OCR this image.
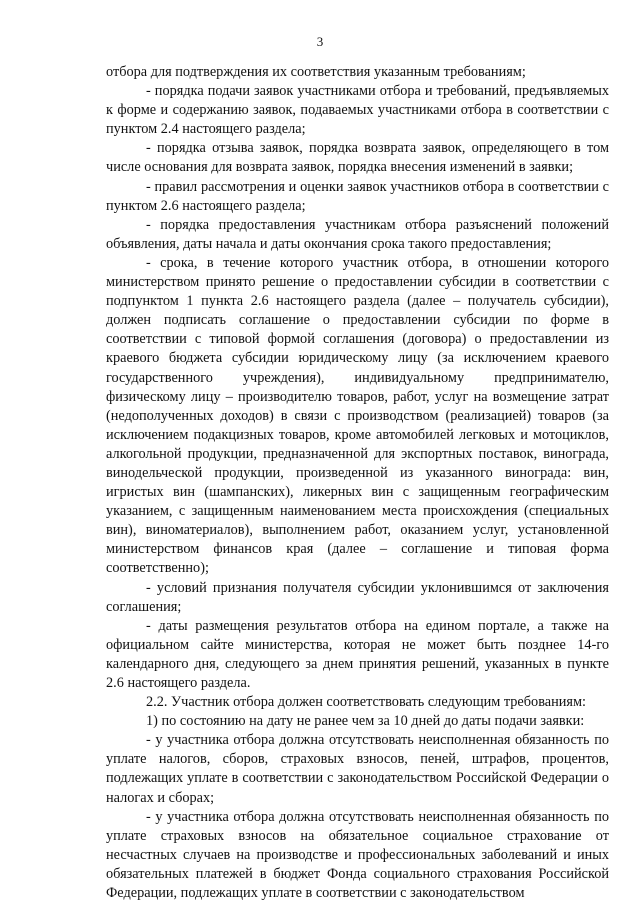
3

отбора для подтверждения их соответствия указанным требованиям;

- порядка подачи заявок участниками отбора и требований, предъявляемых к форме и содержанию заявок, подаваемых участниками отбора в соответствии с пунктом 2.4 настоящего раздела;

- порядка отзыва заявок, порядка возврата заявок, определяющего в том числе основания для возврата заявок, порядка внесения изменений в заявки;

- правил рассмотрения и оценки заявок участников отбора в соответствии с пунктом 2.6 настоящего раздела;

- порядка предоставления участникам отбора разъяснений положений объявления, даты начала и даты окончания срока такого предоставления;

- срока, в течение которого участник отбора, в отношении которого министерством принято решение о предоставлении субсидии в соответствии с подпунктом 1 пункта 2.6 настоящего раздела (далее – получатель субсидии), должен подписать соглашение о предоставлении субсидии по форме в соответствии с типовой формой соглашения (договора) о предоставлении из краевого бюджета субсидии юридическому лицу (за исключением краевого государственного учреждения), индивидуальному предпринимателю, физическому лицу – производителю товаров, работ, услуг на возмещение затрат (недополученных доходов) в связи с производством (реализацией) товаров (за исключением подакцизных товаров, кроме автомобилей легковых и мотоциклов, алкогольной продукции, предназначенной для экспортных поставок, винограда, винодельческой продукции, произведенной из указанного винограда: вин, игристых вин (шампанских), ликерных вин с защищенным географическим указанием, с защищенным наименованием места происхождения (специальных вин), виноматериалов), выполнением работ, оказанием услуг, установленной министерством финансов края (далее – соглашение и типовая форма соответственно);

- условий признания получателя субсидии уклонившимся от заключения соглашения;

- даты размещения результатов отбора на едином портале, а также на официальном сайте министерства, которая не может быть позднее 14-го календарного дня, следующего за днем принятия решений, указанных в пункте 2.6 настоящего раздела.

2.2. Участник отбора должен соответствовать следующим требованиям:

1) по состоянию на дату не ранее чем за 10 дней до даты подачи заявки:

- у участника отбора должна отсутствовать неисполненная обязанность по уплате налогов, сборов, страховых взносов, пеней, штрафов, процентов, подлежащих уплате в соответствии с законодательством Российской Федерации о налогах и сборах;

- у участника отбора должна отсутствовать неисполненная обязанность по уплате страховых взносов на обязательное социальное страхование от несчастных случаев на производстве и профессиональных заболеваний и иных обязательных платежей в бюджет Фонда социального страхования Российской Федерации, подлежащих уплате в соответствии с законодательством
